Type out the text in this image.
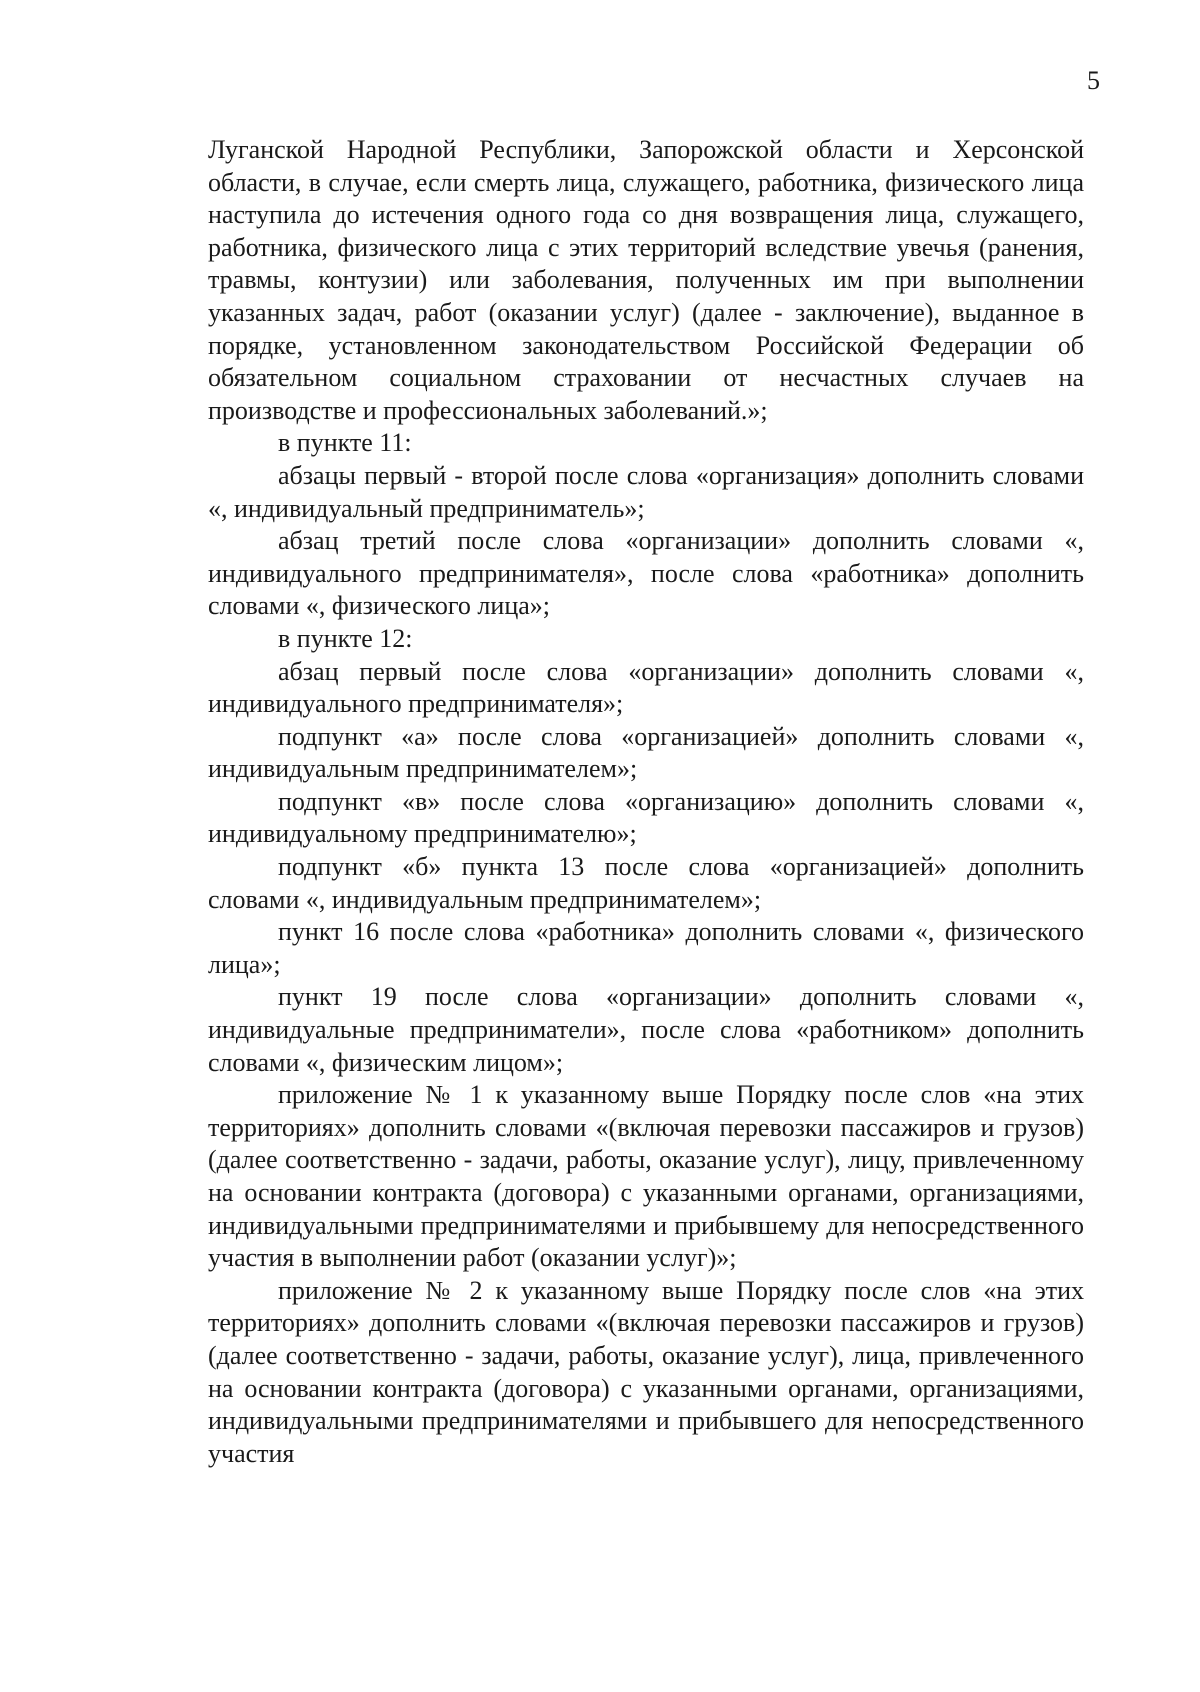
5

Луганской Народной Республики, Запорожской области и Херсонской области, в случае, если смерть лица, служащего, работника, физического лица наступила до истечения одного года со дня возвращения лица, служащего, работника, физического лица с этих территорий вследствие увечья (ранения, травмы, контузии) или заболевания, полученных им при выполнении указанных задач, работ (оказании услуг) (далее - заключение), выданное в порядке, установленном законодательством Российской Федерации об обязательном социальном страховании от несчастных случаев на производстве и профессиональных заболеваний.»;

в пункте 11:

абзацы первый - второй после слова «организация» дополнить словами «, индивидуальный предприниматель»;

абзац третий после слова «организации» дополнить словами «, индивидуального предпринимателя», после слова «работника» дополнить словами «, физического лица»;

в пункте 12:

абзац первый после слова «организации» дополнить словами «, индивидуального предпринимателя»;

подпункт «а» после слова «организацией» дополнить словами «, индивидуальным предпринимателем»;

подпункт «в» после слова «организацию» дополнить словами «, индивидуальному предпринимателю»;

подпункт «б» пункта 13 после слова «организацией» дополнить словами «, индивидуальным предпринимателем»;

пункт 16 после слова «работника» дополнить словами «, физического лица»;

пункт 19 после слова «организации» дополнить словами «, индивидуальные предприниматели», после слова «работником» дополнить словами «, физическим лицом»;

приложение № 1 к указанному выше Порядку после слов «на этих территориях» дополнить словами «(включая перевозки пассажиров и грузов) (далее соответственно - задачи, работы, оказание услуг), лицу, привлеченному на основании контракта (договора) с указанными органами, организациями, индивидуальными предпринимателями и прибывшему для непосредственного участия в выполнении работ (оказании услуг)»;

приложение № 2 к указанному выше Порядку после слов «на этих территориях» дополнить словами «(включая перевозки пассажиров и грузов) (далее соответственно - задачи, работы, оказание услуг), лица, привлеченного на основании контракта (договора) с указанными органами, организациями, индивидуальными предпринимателями и прибывшего для непосредственного участия
